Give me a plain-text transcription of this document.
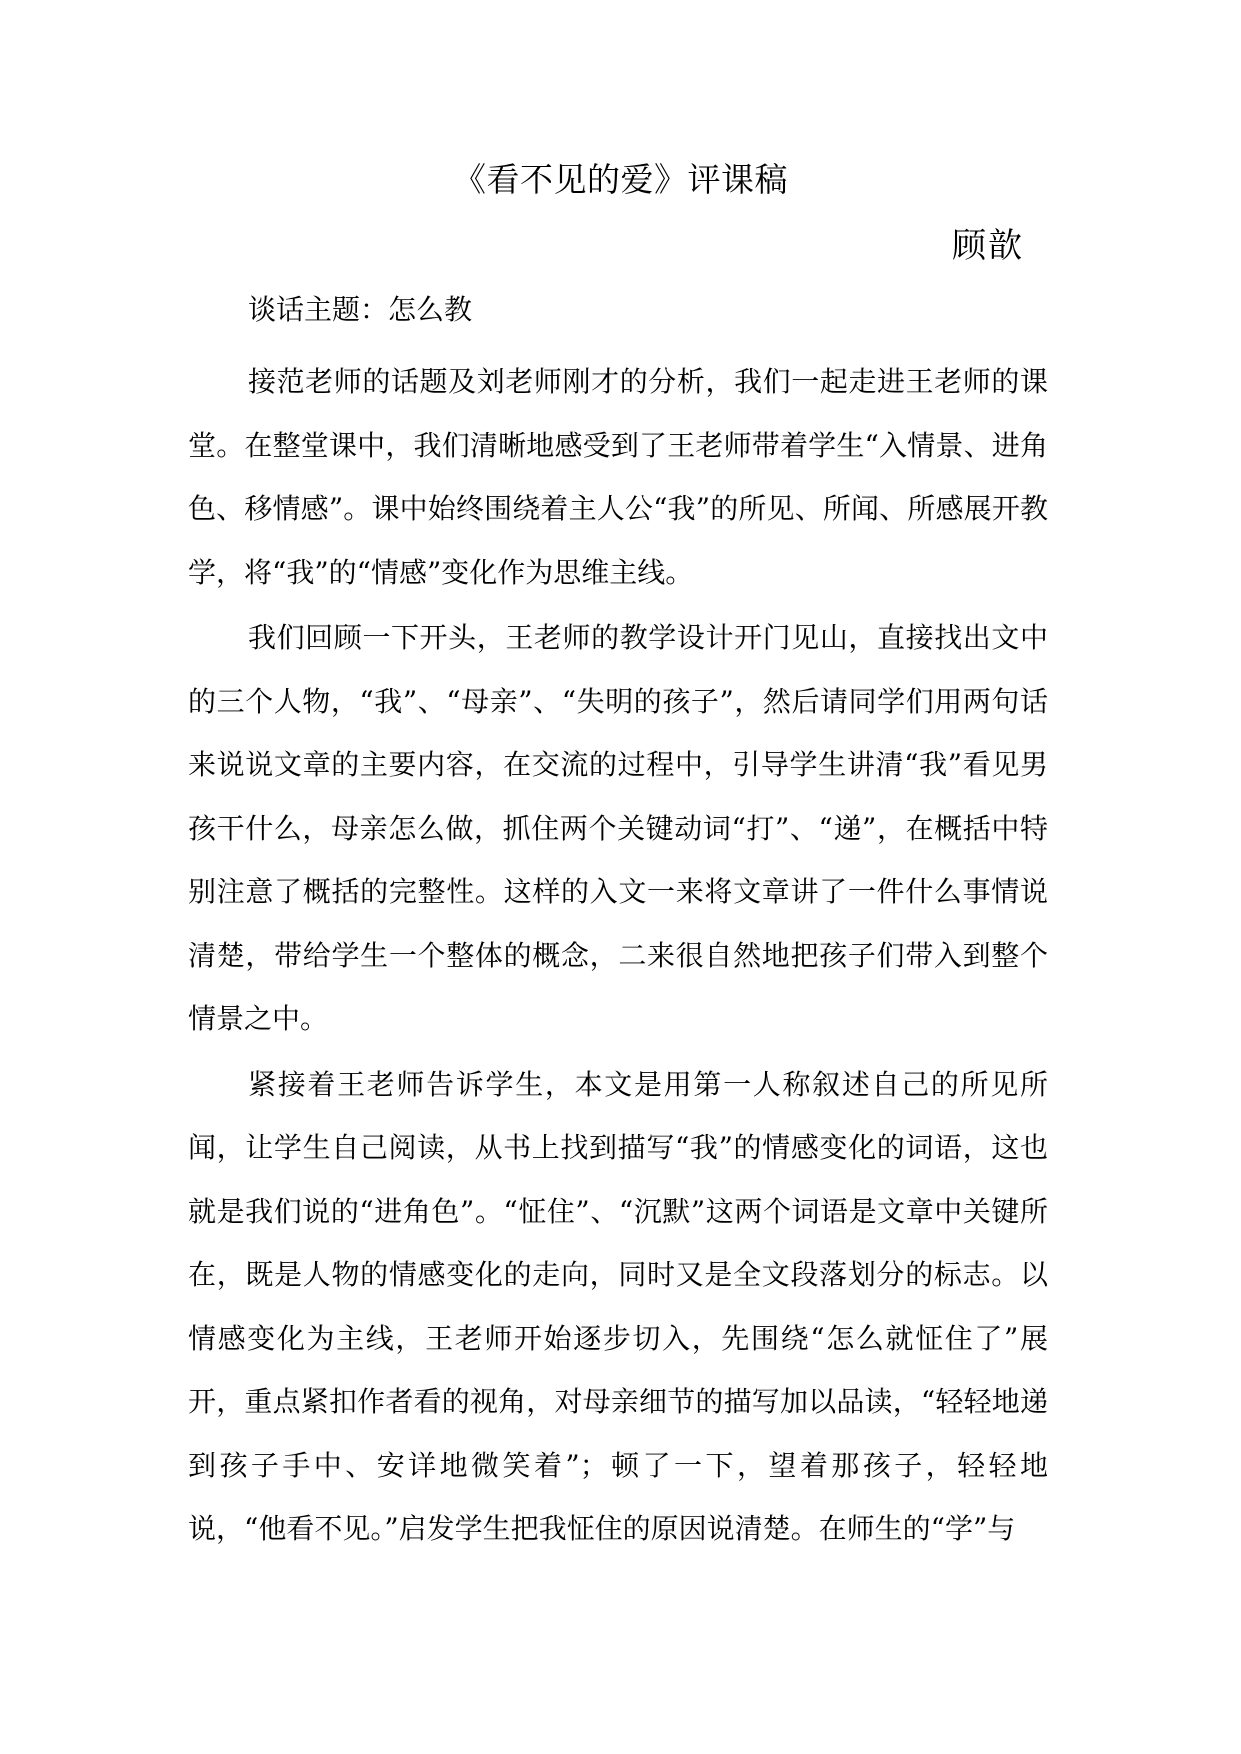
《看不见的爱》评课稿
顾歆
谈话主题：怎么教

接范老师的话题及刘老师刚才的分析，我们一起走进王老师的课堂。在整堂课中，我们清晰地感受到了王老师带着学生“入情景、进角色、移情感”。课中始终围绕着主人公“我”的所见、所闻、所感展开教学，将“我”的“情感”变化作为思维主线。

我们回顾一下开头，王老师的教学设计开门见山，直接找出文中的三个人物，“我”、“母亲”、“失明的孩子”，然后请同学们用两句话来说说文章的主要内容，在交流的过程中，引导学生讲清“我”看见男孩干什么，母亲怎么做，抓住两个关键动词“打”、“递”，在概括中特别注意了概括的完整性。这样的入文一来将文章讲了一件什么事情说清楚，带给学生一个整体的概念，二来很自然地把孩子们带入到整个情景之中。

紧接着王老师告诉学生，本文是用第一人称叙述自己的所见所闻，让学生自己阅读，从书上找到描写“我”的情感变化的词语，这也就是我们说的“进角色”。“怔住”、“沉默”这两个词语是文章中关键所在，既是人物的情感变化的走向，同时又是全文段落划分的标志。以情感变化为主线，王老师开始逐步切入，先围绕“怎么就怔住了”展开，重点紧扣作者看的视角，对母亲细节的描写加以品读，“轻轻地递到孩子手中、安详地微笑着”；顿了一下，望着那孩子，轻轻地说，“他看不见。”启发学生把我怔住的原因说清楚。在师生的“学”与
